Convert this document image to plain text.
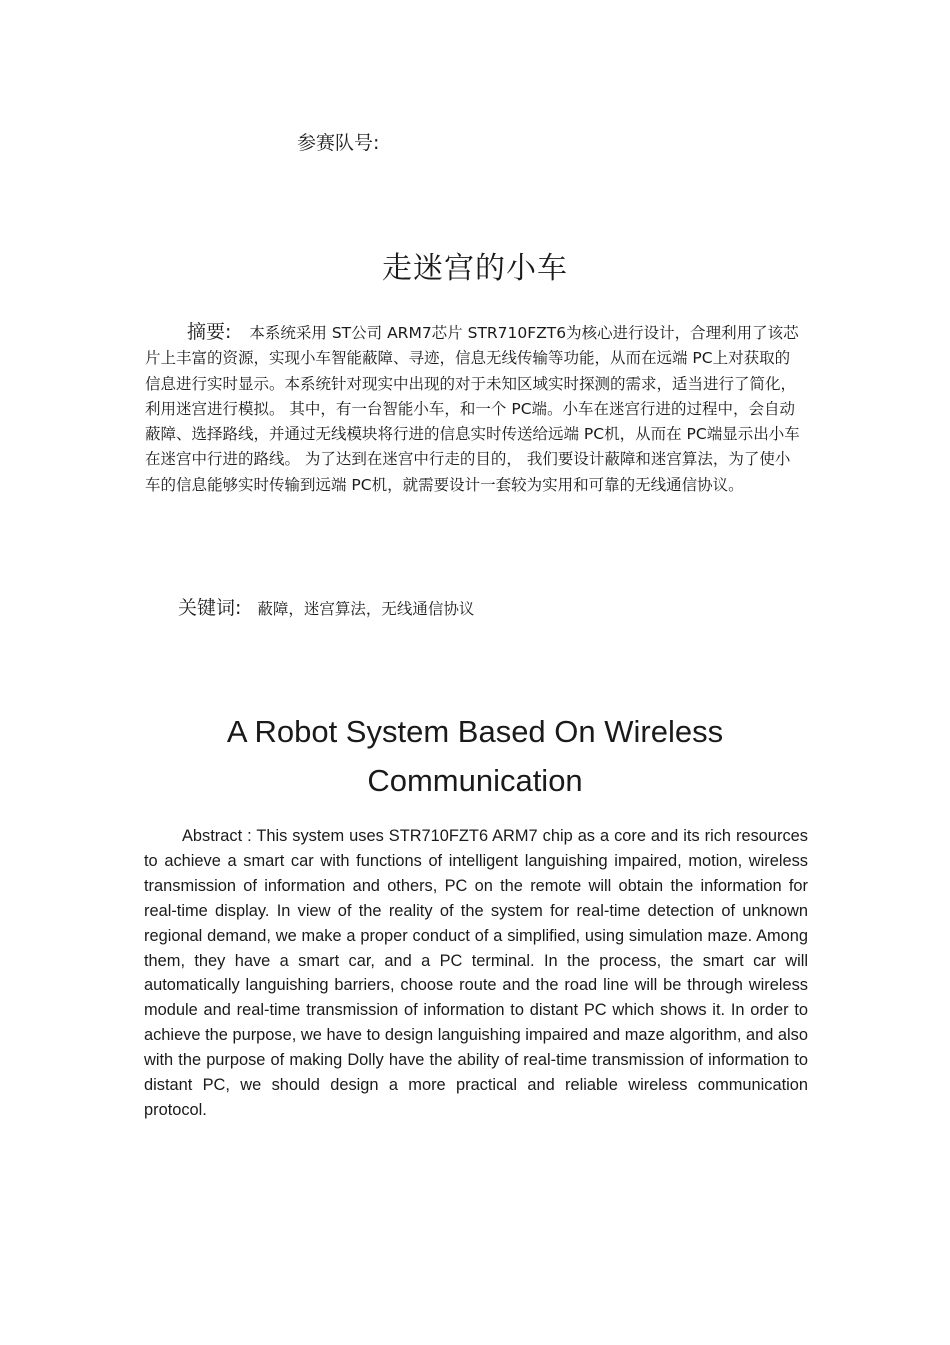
参赛队号:
走迷宫的小车
摘要: 本系统采用 ST公司 ARM7芯片 STR710FZT6为核心进行设计，合理利用了该芯片上丰富的资源，实现小车智能蔽障、寻迹，信息无线传输等功能，从而在远端 PC上对获取的信息进行实时显示。本系统针对现实中出现的对于未知区域实时探测的需求，适当进行了简化，利用迷宫进行模拟。 其中，有一台智能小车，和一个 PC端。小车在迷宫行进的过程中，会自动蔽障、选择路线，并通过无线模块将行进的信息实时传送给远端 PC机，从而在 PC端显示出小车在迷宫中行进的路线。 为了达到在迷宫中行走的目的， 我们要设计蔽障和迷宫算法，为了使小车的信息能够实时传输到远端 PC机，就需要设计一套较为实用和可靠的无线通信协议。
关键词: 蔽障，迷宫算法，无线通信协议
A Robot System Based On Wireless
Communication
Abstract : This system uses STR710FZT6 ARM7 chip as a core and its rich resources to achieve a smart car with functions of intelligent languishing impaired, motion, wireless transmission of information and others, PC on the remote will obtain the information for real-time display. In view of the reality of the system for real-time detection of unknown regional demand, we make a proper conduct of a simplified, using simulation maze. Among them, they have a smart car, and a PC terminal. In the process, the smart car will automatically languishing barriers, choose route and the road line will be through wireless module and real-time transmission of information to distant PC which shows it. In order to achieve the purpose, we have to design languishing impaired and maze algorithm, and also with the purpose of making Dolly have the ability of real-time transmission of information to distant PC, we should design a more practical and reliable wireless communication protocol.
